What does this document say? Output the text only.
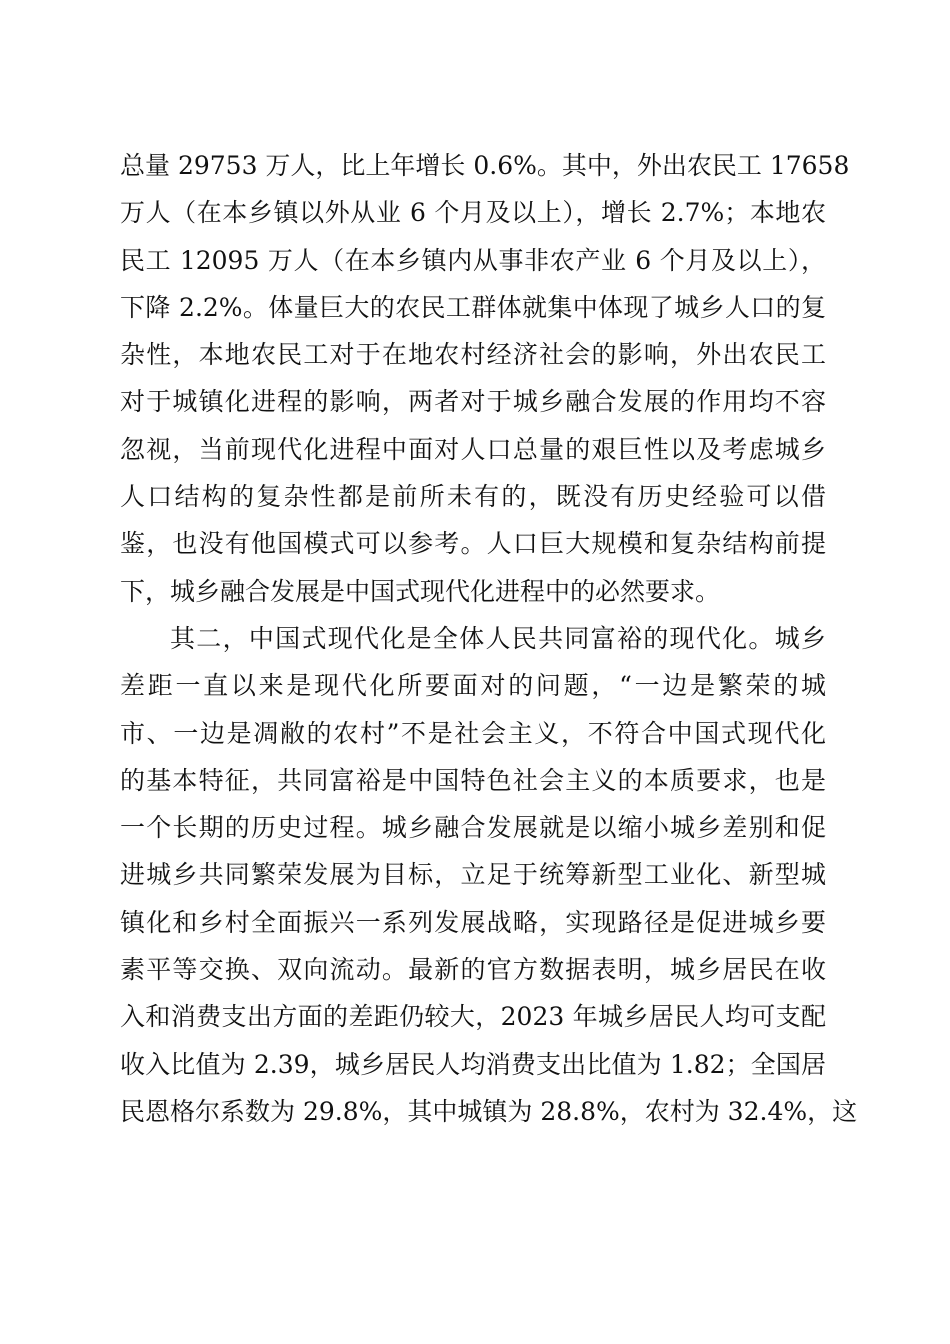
总量 29753 万人，比上年增长 0.6%。其中，外出农民工 17658
万人（在本乡镇以外从业 6 个月及以上），增长 2.7%；本地农
民工 12095 万人（在本乡镇内从事非农产业 6 个月及以上），
下降 2.2%。体量巨大的农民工群体就集中体现了城乡人口的复
杂性，本地农民工对于在地农村经济社会的影响，外出农民工
对于城镇化进程的影响，两者对于城乡融合发展的作用均不容
忽视，当前现代化进程中面对人口总量的艰巨性以及考虑城乡
人口结构的复杂性都是前所未有的，既没有历史经验可以借
鉴，也没有他国模式可以参考。人口巨大规模和复杂结构前提
下，城乡融合发展是中国式现代化进程中的必然要求。
其二，中国式现代化是全体人民共同富裕的现代化。城乡
差距一直以来是现代化所要面对的问题，“一边是繁荣的城
市、一边是凋敝的农村”不是社会主义，不符合中国式现代化
的基本特征，共同富裕是中国特色社会主义的本质要求，也是
一个长期的历史过程。城乡融合发展就是以缩小城乡差别和促
进城乡共同繁荣发展为目标，立足于统筹新型工业化、新型城
镇化和乡村全面振兴一系列发展战略，实现路径是促进城乡要
素平等交换、双向流动。最新的官方数据表明，城乡居民在收
入和消费支出方面的差距仍较大，2023 年城乡居民人均可支配
收入比值为 2.39，城乡居民人均消费支出比值为 1.82；全国居
民恩格尔系数为 29.8%，其中城镇为 28.8%，农村为 32.4%，这
